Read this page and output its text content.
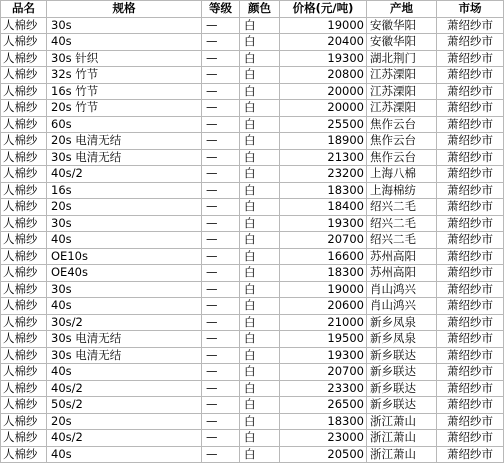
品名	规格	等级	颜色	价格(元/吨)	产地	市场
人棉纱	30s	—	白	19000	安徽华阳	萧绍纱市
人棉纱	40s	—	白	20400	安徽华阳	萧绍纱市
人棉纱	30s 针织	—	白	19300	湖北荆门	萧绍纱市
人棉纱	32s 竹节	—	白	20800	江苏溧阳	萧绍纱市
人棉纱	16s 竹节	—	白	20000	江苏溧阳	萧绍纱市
人棉纱	20s 竹节	—	白	20000	江苏溧阳	萧绍纱市
人棉纱	60s	—	白	25500	焦作云台	萧绍纱市
人棉纱	20s 电清无结	—	白	18900	焦作云台	萧绍纱市
人棉纱	30s 电清无结	—	白	21300	焦作云台	萧绍纱市
人棉纱	40s/2	—	白	23200	上海八棉	萧绍纱市
人棉纱	16s	—	白	18300	上海棉纺	萧绍纱市
人棉纱	20s	—	白	18400	绍兴二毛	萧绍纱市
人棉纱	30s	—	白	19300	绍兴二毛	萧绍纱市
人棉纱	40s	—	白	20700	绍兴二毛	萧绍纱市
人棉纱	OE10s	—	白	16600	苏州高阳	萧绍纱市
人棉纱	OE40s	—	白	18300	苏州高阳	萧绍纱市
人棉纱	30s	—	白	19000	肖山鸿兴	萧绍纱市
人棉纱	40s	—	白	20600	肖山鸿兴	萧绍纱市
人棉纱	30s/2	—	白	21000	新乡凤泉	萧绍纱市
人棉纱	30s 电清无结	—	白	19500	新乡凤泉	萧绍纱市
人棉纱	30s 电清无结	—	白	19300	新乡联达	萧绍纱市
人棉纱	40s	—	白	20700	新乡联达	萧绍纱市
人棉纱	40s/2	—	白	23300	新乡联达	萧绍纱市
人棉纱	50s/2	—	白	26500	新乡联达	萧绍纱市
人棉纱	20s	—	白	18300	浙江萧山	萧绍纱市
人棉纱	40s/2	—	白	23000	浙江萧山	萧绍纱市
人棉纱	40s	—	白	20500	浙江萧山	萧绍纱市
